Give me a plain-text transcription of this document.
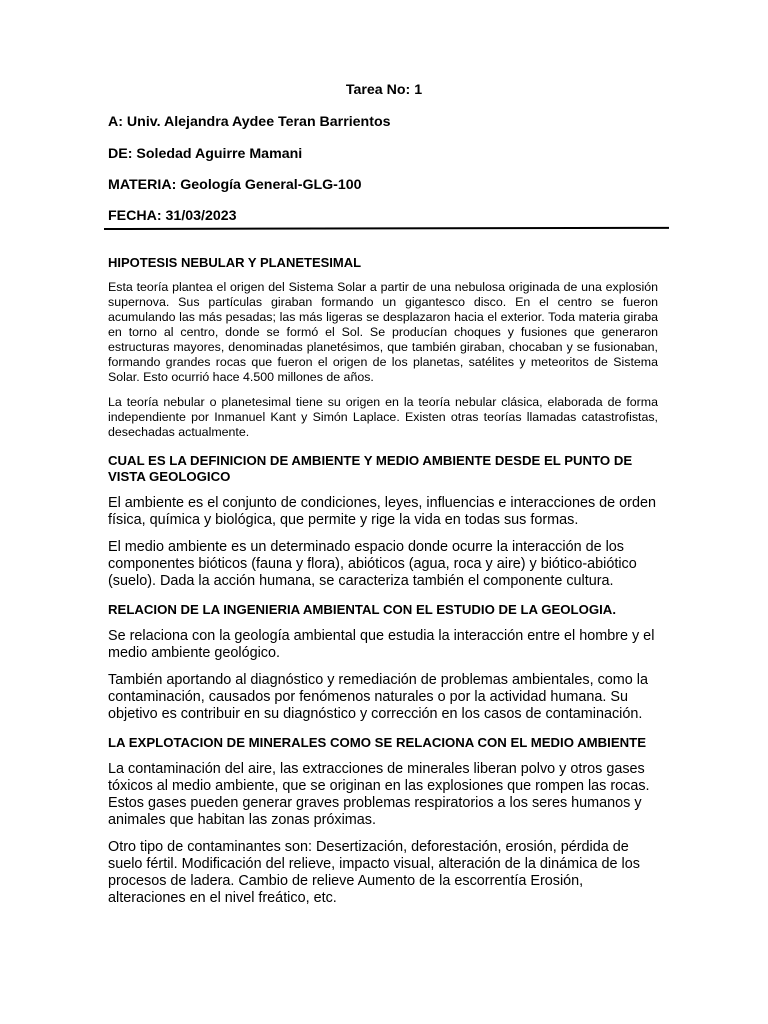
Tarea No: 1
A: Univ. Alejandra Aydee Teran Barrientos
DE: Soledad Aguirre Mamani
MATERIA: Geología General-GLG-100
FECHA: 31/03/2023
HIPOTESIS NEBULAR Y PLANETESIMAL

Esta teoría plantea el origen del Sistema Solar a partir de una nebulosa originada de una explosión supernova. Sus partículas giraban formando un gigantesco disco. En el centro se fueron acumulando las más pesadas; las más ligeras se desplazaron hacia el exterior. Toda materia giraba en torno al centro, donde se formó el Sol. Se producían choques y fusiones que generaron estructuras mayores, denominadas planetésimos, que también giraban, chocaban y se fusionaban, formando grandes rocas que fueron el origen de los planetas, satélites y meteoritos de Sistema Solar. Esto ocurrió hace 4.500 millones de años.

La teoría nebular o planetesimal tiene su origen en la teoría nebular clásica, elaborada de forma independiente por Inmanuel Kant y Simón Laplace. Existen otras teorías llamadas catastrofistas, desechadas actualmente.

CUAL ES LA DEFINICION DE AMBIENTE Y MEDIO AMBIENTE DESDE EL PUNTO DE VISTA GEOLOGICO

El ambiente es el conjunto de condiciones, leyes, influencias e interacciones de orden física, química y biológica, que permite y rige la vida en todas sus formas.

El medio ambiente es un determinado espacio donde ocurre la interacción de los componentes bióticos (fauna y flora), abióticos (agua, roca y aire) y biótico-abiótico (suelo). Dada la acción humana, se caracteriza también el componente cultura.

RELACION DE LA INGENIERIA AMBIENTAL CON EL ESTUDIO DE LA GEOLOGIA.

Se relaciona con la geología ambiental que estudia la interacción entre el hombre y el medio ambiente geológico.

También aportando al diagnóstico y remediación de problemas ambientales, como la contaminación, causados por fenómenos naturales o por la actividad humana. Su objetivo es contribuir en su diagnóstico y corrección en los casos de contaminación.

LA EXPLOTACION DE MINERALES COMO SE RELACIONA CON EL MEDIO AMBIENTE

La contaminación del aire, las extracciones de minerales liberan polvo y otros gases tóxicos al medio ambiente, que se originan en las explosiones que rompen las rocas. Estos gases pueden generar graves problemas respiratorios a los seres humanos y animales que habitan las zonas próximas.

Otro tipo de contaminantes son: Desertización, deforestación, erosión, pérdida de suelo fértil. Modificación del relieve, impacto visual, alteración de la dinámica de los procesos de ladera. Cambio de relieve Aumento de la escorrentía Erosión, alteraciones en el nivel freático, etc.
